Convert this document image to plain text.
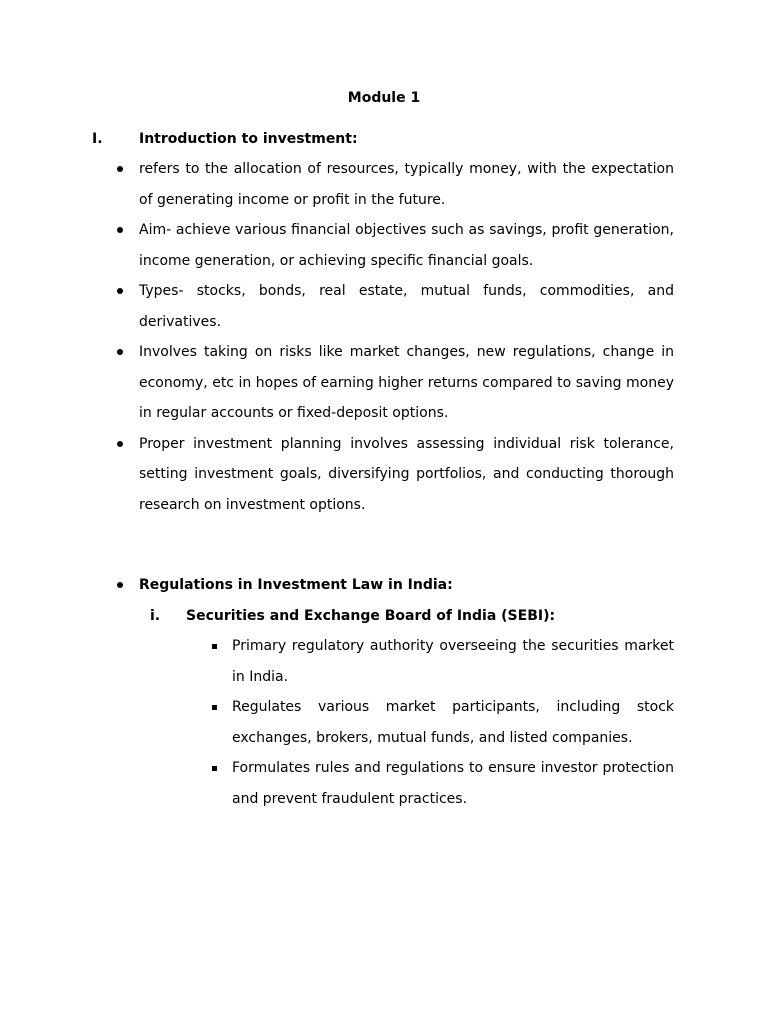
Module 1
I.	Introduction to investment:
refers to the allocation of resources, typically money, with the expectation of generating income or profit in the future.
Aim- achieve various financial objectives such as savings, profit generation, income generation, or achieving specific financial goals.
Types- stocks, bonds, real estate, mutual funds, commodities, and derivatives.
Involves taking on risks like market changes, new regulations, change in economy, etc in hopes of earning higher returns compared to saving money in regular accounts or fixed-deposit options.
Proper investment planning involves assessing individual risk tolerance, setting investment goals, diversifying portfolios, and conducting thorough research on investment options.
Regulations in Investment Law in India:
i. Securities and Exchange Board of India (SEBI):
Primary regulatory authority overseeing the securities market in India.
Regulates various market participants, including stock exchanges, brokers, mutual funds, and listed companies.
Formulates rules and regulations to ensure investor protection and prevent fraudulent practices.
